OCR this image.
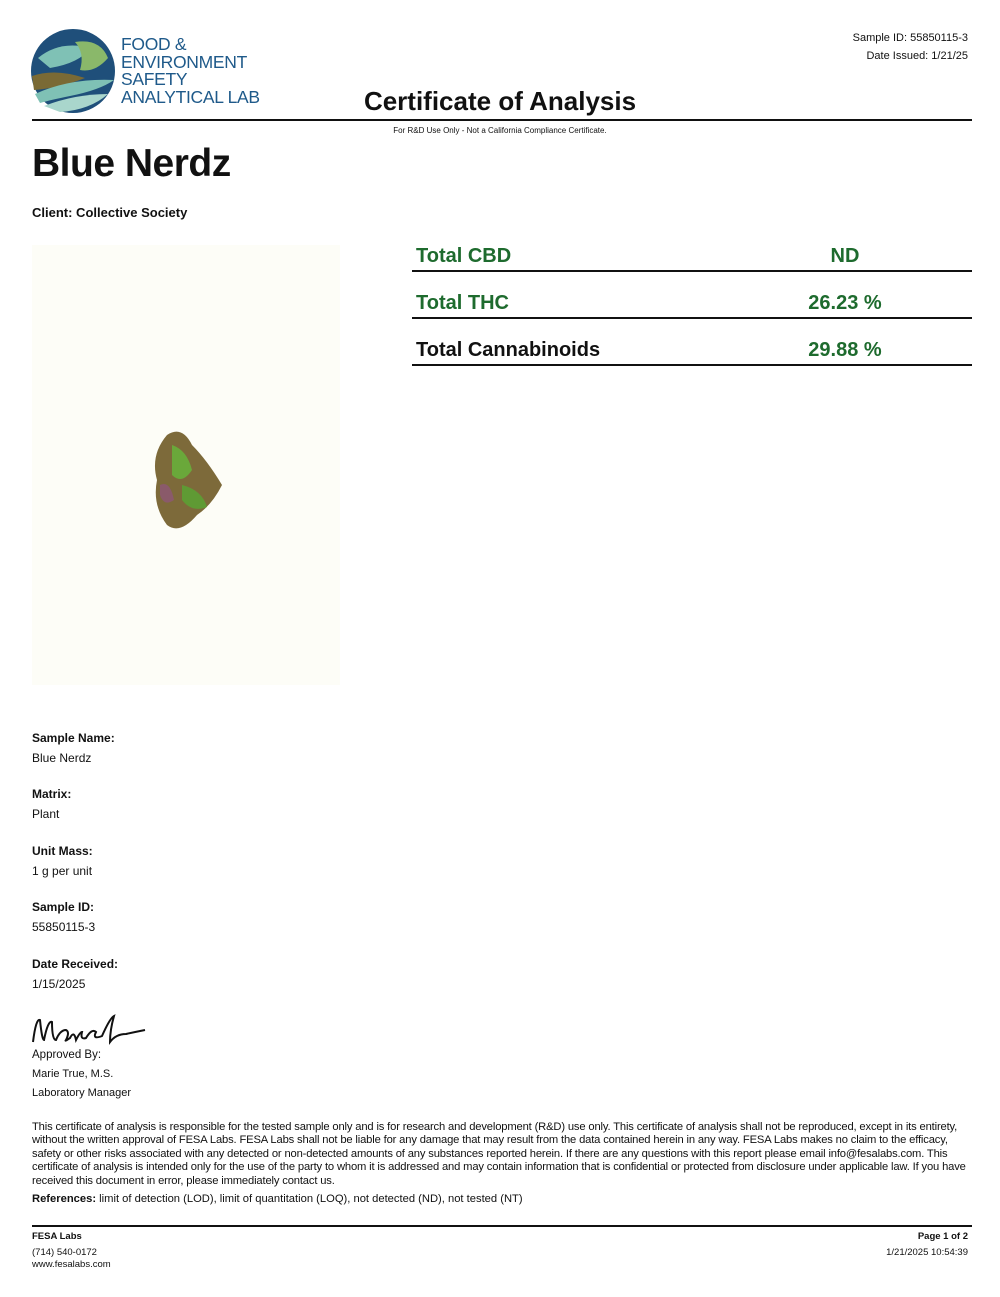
FOOD &
ENVIRONMENT
SAFETY
ANALYTICAL LAB
Sample ID: 55850115-3
Date Issued: 1/21/25
Certificate of Analysis
For R&D Use Only - Not a California Compliance Certificate.
Blue Nerdz
Client: Collective Society
Total CBD	ND
Total THC	26.23 %
Total Cannabinoids	29.88 %
Sample Name:
Blue Nerdz
Matrix:
Plant
Unit Mass:
1 g per unit
Sample ID:
55850115-3
Date Received:
1/15/2025
Approved By:
Marie True, M.S.
Laboratory Manager
This certificate of analysis is responsible for the tested sample only and is for research and development (R&D) use only. This certificate of analysis shall not be reproduced, except in its entirety, without the written approval of FESA Labs. FESA Labs shall not be liable for any damage that may result from the data contained herein in any way. FESA Labs makes no claim to the efficacy, safety or other risks associated with any detected or non-detected amounts of any substances reported herein. If there are any questions with this report please email info@fesalabs.com. This certificate of analysis is intended only for the use of the party to whom it is addressed and may contain information that is confidential or protected from disclosure under applicable law. If you have received this document in error, please immediately contact us.
References: limit of detection (LOD), limit of quantitation (LOQ), not detected (ND), not tested (NT)
FESA Labs
(714) 540-0172
www.fesalabs.com
Page 1 of 2
1/21/2025 10:54:39
